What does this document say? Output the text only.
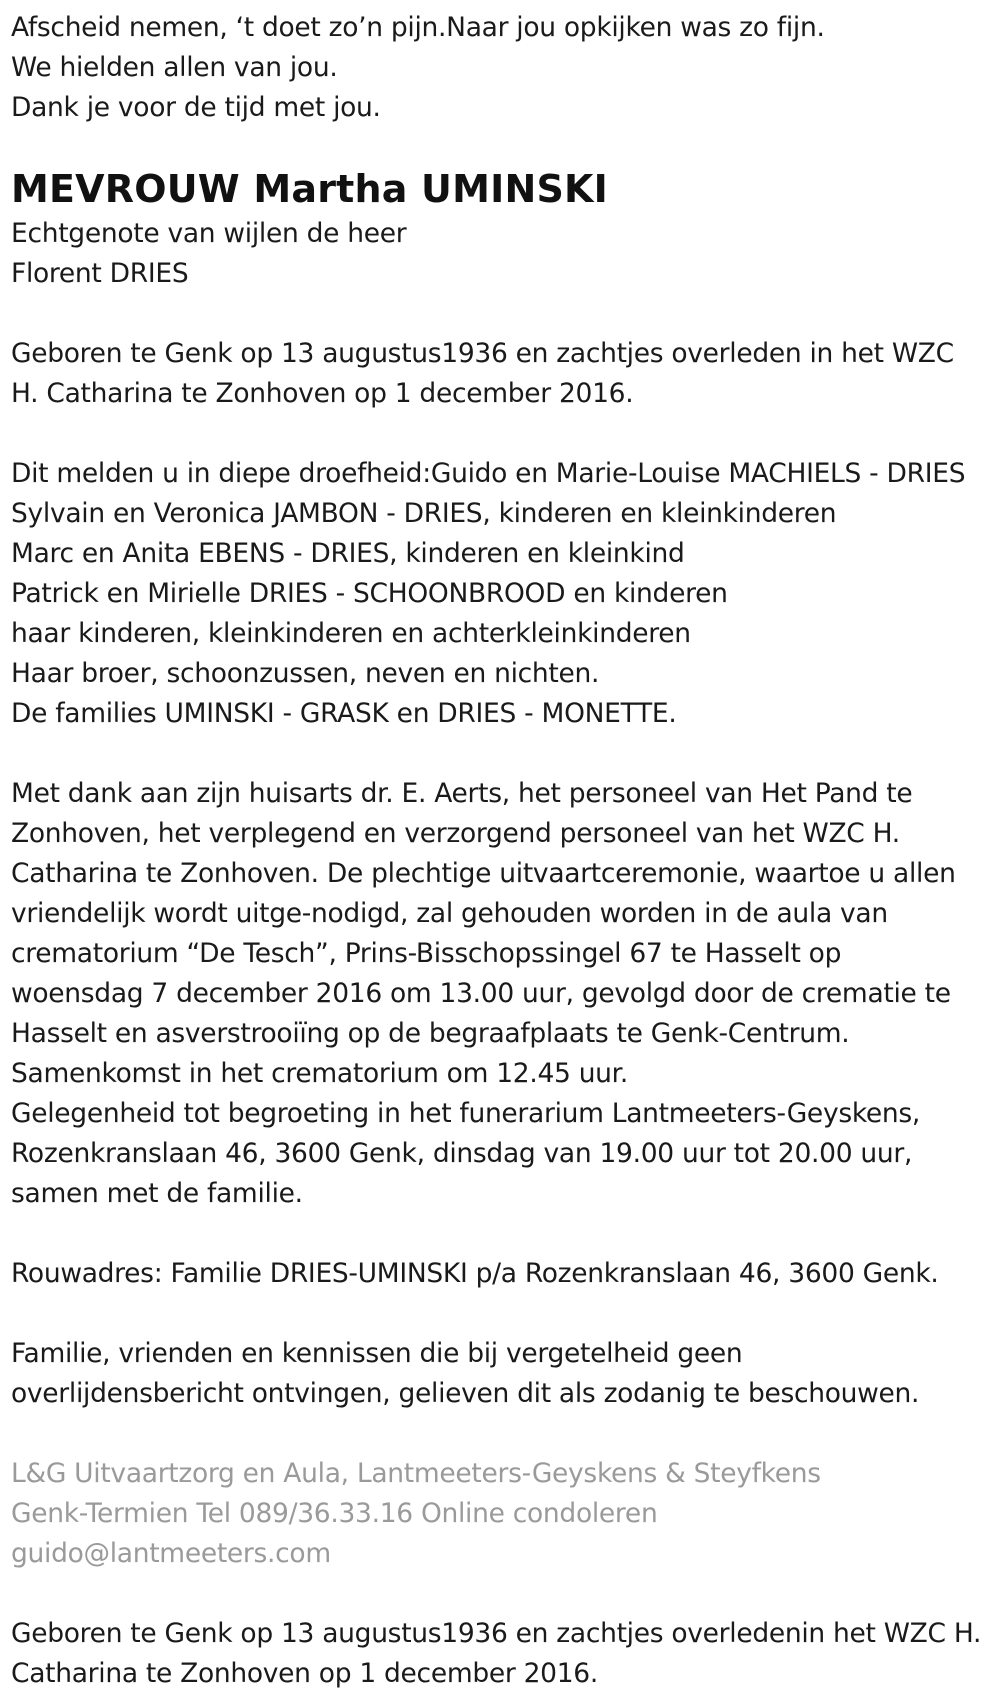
Afscheid nemen, ‘t doet zo’n pijn.Naar jou opkijken was zo fijn.
We hielden allen van jou.
Dank je voor de tijd met jou.
MEVROUW Martha UMINSKI
Echtgenote van wijlen de heer
Florent DRIES
Geboren te Genk op 13 augustus1936 en zachtjes overleden in het WZC
H. Catharina te Zonhoven op 1 december 2016.
Dit melden u in diepe droefheid:Guido en Marie-Louise MACHIELS - DRIES
Sylvain en Veronica JAMBON - DRIES, kinderen en kleinkinderen
Marc en Anita EBENS - DRIES, kinderen en kleinkind
Patrick en Mirielle DRIES - SCHOONBROOD en kinderen
haar kinderen, kleinkinderen en achterkleinkinderen
Haar broer, schoonzussen, neven en nichten.
De families UMINSKI - GRASK en DRIES - MONETTE.
Met dank aan zijn huisarts dr. E. Aerts, het personeel van Het Pand te
Zonhoven, het verplegend en verzorgend personeel van het WZC H.
Catharina te Zonhoven. De plechtige uitvaartceremonie, waartoe u allen
vriendelijk wordt uitge-nodigd, zal gehouden worden in de aula van
crematorium “De Tesch”, Prins-Bisschopssingel 67 te Hasselt op
woensdag 7 december 2016 om 13.00 uur, gevolgd door de crematie te
Hasselt en asverstrooiïng op de begraafplaats te Genk-Centrum.
Samenkomst in het crematorium om 12.45 uur.
Gelegenheid tot begroeting in het funerarium Lantmeeters-Geyskens,
Rozenkranslaan 46, 3600 Genk, dinsdag van 19.00 uur tot 20.00 uur,
samen met de familie.
Rouwadres: Familie DRIES-UMINSKI p/a Rozenkranslaan 46, 3600 Genk.
Familie, vrienden en kennissen die bij vergetelheid geen
overlijdensbericht ontvingen, gelieven dit als zodanig te beschouwen.
L&G Uitvaartzorg en Aula, Lantmeeters-Geyskens & Steyfkens
Genk-Termien Tel 089/36.33.16 Online condoleren
guido@lantmeeters.com
Geboren te Genk op 13 augustus1936 en zachtjes overledenin het WZC H.
Catharina te Zonhoven op 1 december 2016.
